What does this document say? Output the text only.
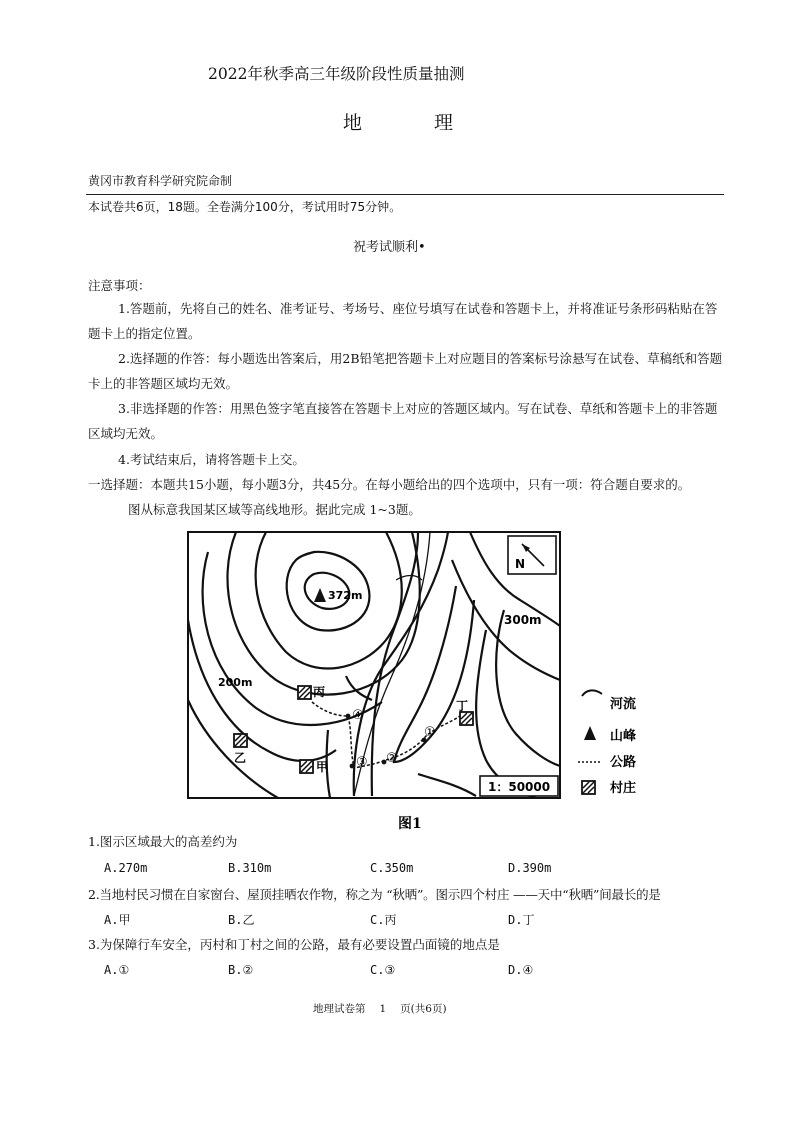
2022年秋季高三年级阶段性质量抽测
地	理
黄冈市教育科学研究院命制
本试卷共6页，18题。全卷满分100分，考试用时75分钟。
祝考试顺利•
注意事项：
1.答题前，先将自己的姓名、准考证号、考场号、座位号填写在试卷和答题卡上，并将准证号条形码粘贴在答题卡上的指定位置。
2.选择题的作答：每小题选出答案后，用2B铅笔把答题卡上对应题目的答案标号涂悬写在试卷、草稿纸和答题卡上的非答题区域均无效。
3.非选择题的作答：用黑色签字笔直接答在答题卡上对应的答题区域内。写在试卷、草纸和答题卡上的非答题区域均无效。
4.考试结束后，请将答题卡上交。
一选择题：本题共15小题，每小题3分，共45分。在每小题给出的四个选项中，只有一项：符合题自要求的。
图从标意我国某区域等高线地形。据此完成 1~3题。
372m
300m
200m
N
丙
丁
乙
甲
④
③ ②
①
1：50000
河流
山峰
公路
村庄
图1
1.图示区域最大的高差约为
A.270m	B.310m	C.350m	D.390m
2.当地村民习惯在自家窗台、屋顶挂晒农作物，称之为 “秋晒”。图示四个村庄 ——天中“秋晒”间最长的是
A.甲	B.乙	C.丙	D.丁
3.为保障行车安全，丙村和丁村之间的公路，最有必要设置凸面镜的地点是
A.①	B.②	C.③	D.④
地理试卷第 1 页(共6页)
